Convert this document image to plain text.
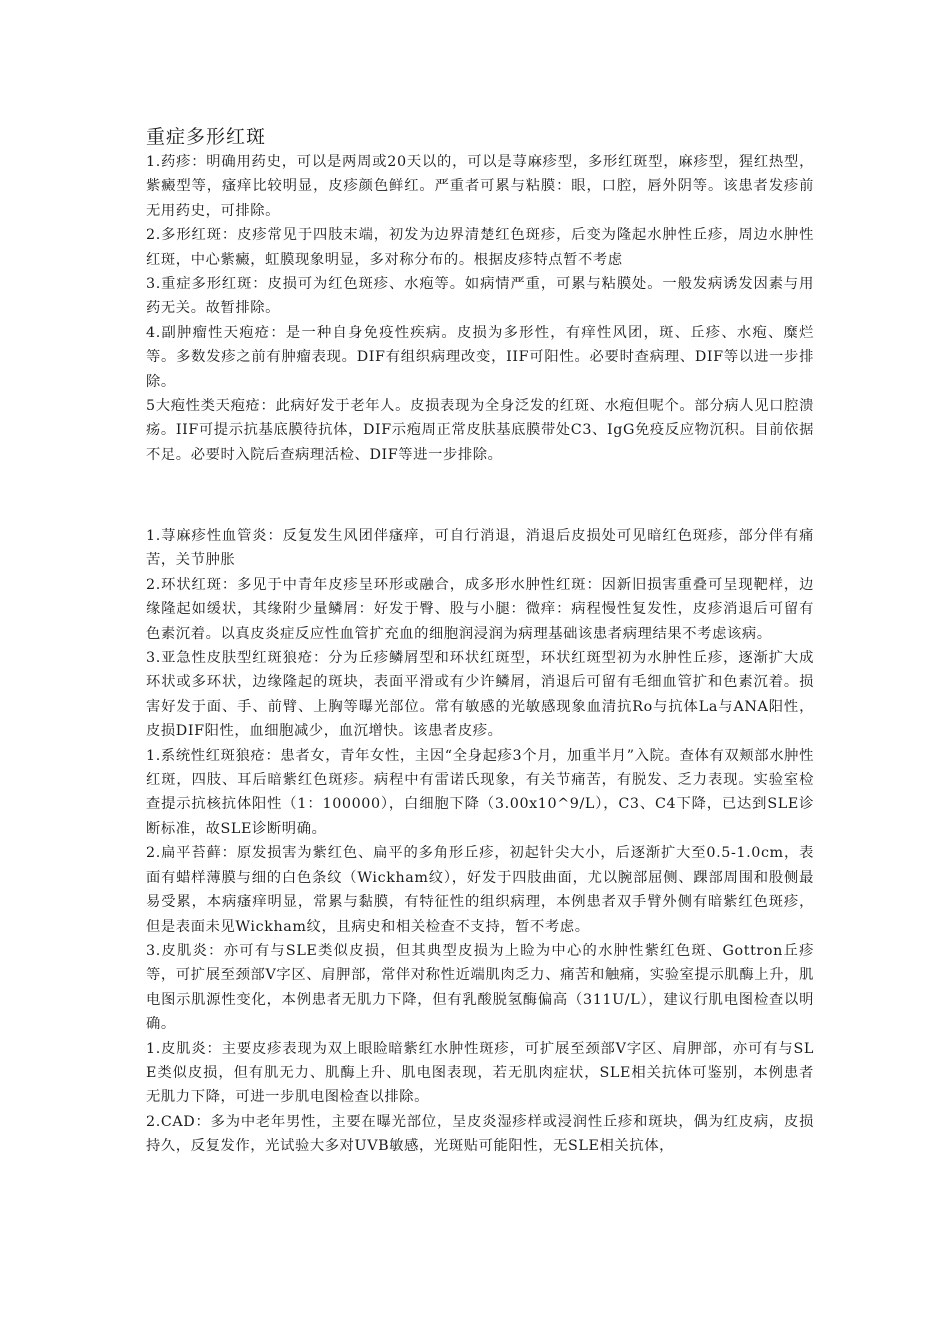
重症多形红斑

1.药疹：明确用药史，可以是两周或20天以的，可以是荨麻疹型，多形红斑型，麻疹型，猩红热型，紫癜型等，瘙痒比较明显，皮疹颜色鲜红。严重者可累与粘膜：眼，口腔，唇外阴等。该患者发疹前无用药史，可排除。

2.多形红斑：皮疹常见于四肢末端，初发为边界清楚红色斑疹，后变为隆起水肿性丘疹，周边水肿性红斑，中心紫癜，虹膜现象明显，多对称分布的。根据皮疹特点暂不考虑

3.重症多形红斑：皮损可为红色斑疹、水疱等。如病情严重，可累与粘膜处。一般发病诱发因素与用药无关。故暂排除。

4.副肿瘤性天疱疮：是一种自身免疫性疾病。皮损为多形性，有痒性风团，斑、丘疹、水疱、糜烂等。多数发疹之前有肿瘤表现。DIF有组织病理改变，IIF可阳性。必要时查病理、DIF等以进一步排除。

5大疱性类天疱疮：此病好发于老年人。皮损表现为全身泛发的红斑、水疱但呢个。部分病人见口腔溃疡。IIF可提示抗基底膜待抗体，DIF示疱周正常皮肤基底膜带处C3、IgG免疫反应物沉积。目前依据不足。必要时入院后查病理活检、DIF等进一步排除。

1.荨麻疹性血管炎：反复发生风团伴瘙痒，可自行消退，消退后皮损处可见暗红色斑疹，部分伴有痛苦，关节肿胀

2.环状红斑：多见于中青年皮疹呈环形或融合，成多形水肿性红斑：因新旧损害重叠可呈现靶样，边缘隆起如缓状，其缘附少量鳞屑：好发于臀、股与小腿：微痒：病程慢性复发性，皮疹消退后可留有色素沉着。以真皮炎症反应性血管扩充血的细胞润浸润为病理基础该患者病理结果不考虑该病。

3.亚急性皮肤型红斑狼疮：分为丘疹鳞屑型和环状红斑型，环状红斑型初为水肿性丘疹，逐渐扩大成环状或多环状，边缘隆起的斑块，表面平滑或有少许鳞屑，消退后可留有毛细血管扩和色素沉着。损害好发于面、手、前臂、上胸等曝光部位。常有敏感的光敏感现象血清抗Ro与抗体La与ANA阳性，皮损DIF阳性，血细胞减少，血沉增快。该患者皮疹。

1.系统性红斑狼疮：患者女，青年女性，主因“全身起疹3个月，加重半月”入院。查体有双颊部水肿性红斑，四肢、耳后暗紫红色斑疹。病程中有雷诺氏现象，有关节痛苦，有脱发、乏力表现。实验室检查提示抗核抗体阳性（1：100000），白细胞下降（3.00x10^9/L），C3、C4下降，已达到SLE诊断标准，故SLE诊断明确。

2.扁平苔藓：原发损害为紫红色、扁平的多角形丘疹，初起针尖大小，后逐渐扩大至0.5-1.0cm，表面有蜡样薄膜与细的白色条纹（Wickham纹），好发于四肢曲面，尤以腕部屈侧、踝部周围和股侧最易受累，本病瘙痒明显，常累与黏膜，有特征性的组织病理，本例患者双手臂外侧有暗紫红色斑疹，但是表面未见Wickham纹，且病史和相关检查不支持，暂不考虑。

3.皮肌炎：亦可有与SLE类似皮损，但其典型皮损为上睑为中心的水肿性紫红色斑、Gottron丘疹等，可扩展至颈部V字区、肩胛部，常伴对称性近端肌肉乏力、痛苦和触痛，实验室提示肌酶上升，肌电图示肌源性变化，本例患者无肌力下降，但有乳酸脱氢酶偏高（311U/L），建议行肌电图检查以明确。

1.皮肌炎：主要皮疹表现为双上眼睑暗紫红水肿性斑疹，可扩展至颈部V字区、肩胛部，亦可有与SLE类似皮损，但有肌无力、肌酶上升、肌电图表现，若无肌肉症状，SLE相关抗体可鉴别，本例患者无肌力下降，可进一步肌电图检查以排除。

2.CAD：多为中老年男性，主要在曝光部位，呈皮炎湿疹样或浸润性丘疹和斑块，偶为红皮病，皮损持久，反复发作，光试验大多对UVB敏感，光斑贴可能阳性，无SLE相关抗体，
